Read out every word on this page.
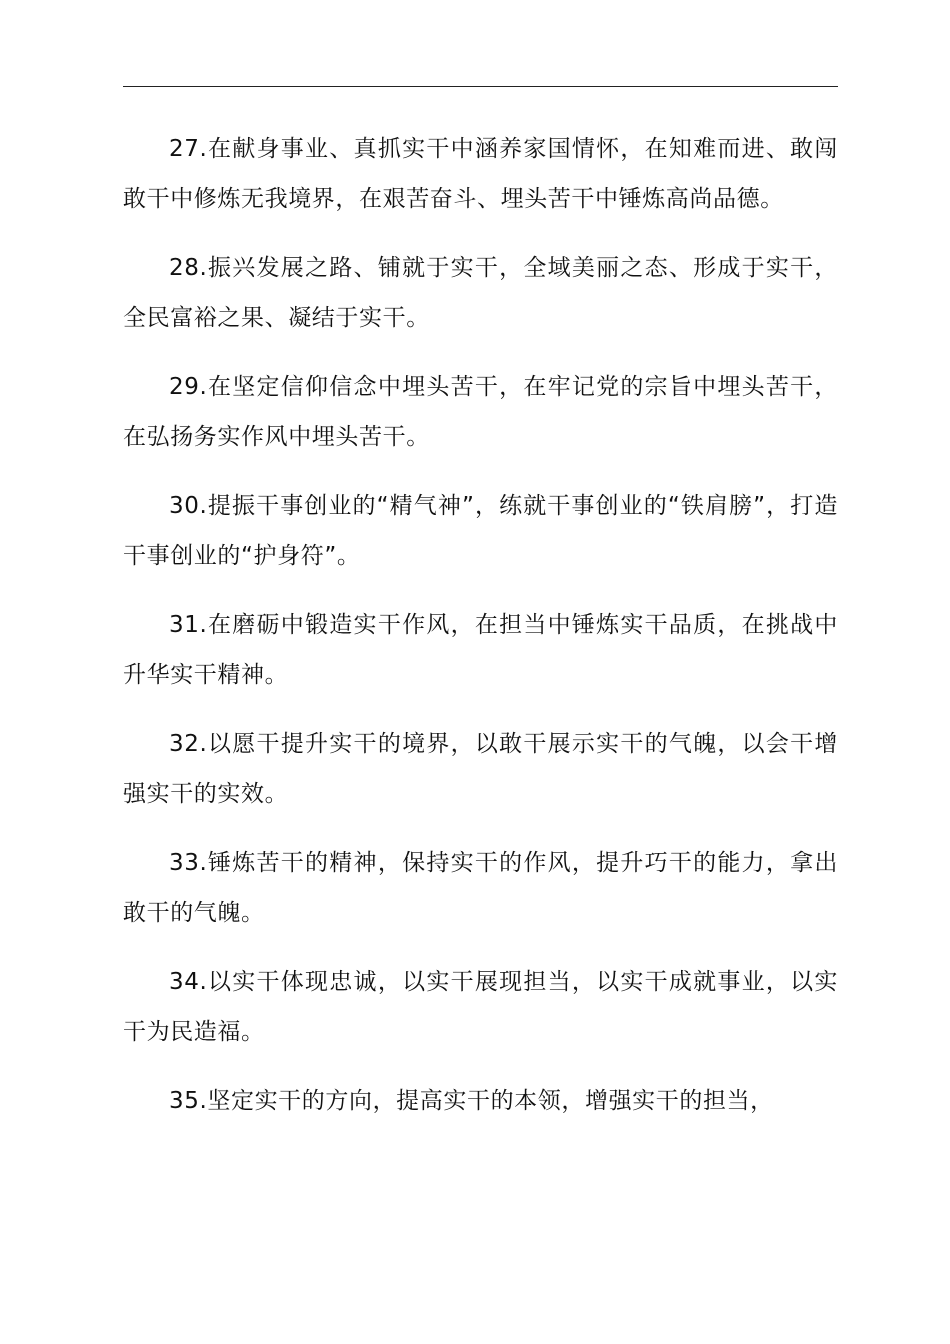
27.在献身事业、真抓实干中涵养家国情怀，在知难而进、敢闯敢干中修炼无我境界，在艰苦奋斗、埋头苦干中锤炼高尚品德。

28.振兴发展之路、铺就于实干，全域美丽之态、形成于实干，全民富裕之果、凝结于实干。

29.在坚定信仰信念中埋头苦干，在牢记党的宗旨中埋头苦干，在弘扬务实作风中埋头苦干。

30.提振干事创业的“精气神”，练就干事创业的“铁肩膀”，打造干事创业的“护身符”。

31.在磨砺中锻造实干作风，在担当中锤炼实干品质，在挑战中升华实干精神。

32.以愿干提升实干的境界，以敢干展示实干的气魄，以会干增强实干的实效。

33.锤炼苦干的精神，保持实干的作风，提升巧干的能力，拿出敢干的气魄。

34.以实干体现忠诚，以实干展现担当，以实干成就事业，以实干为民造福。

35.坚定实干的方向，提高实干的本领，增强实干的担当，
